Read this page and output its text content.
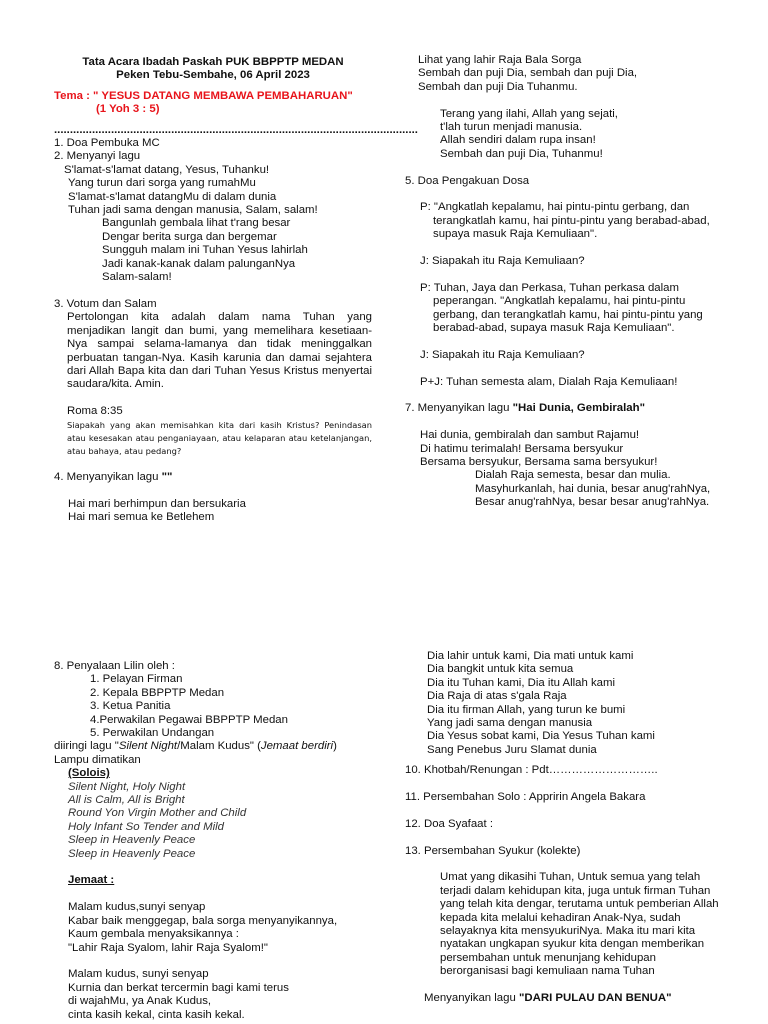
Tata Acara Ibadah Paskah PUK BBPPTP MEDAN
Peken Tebu-Sembahe, 06 April 2023
Tema : " YESUS DATANG MEMBAWA PEMBAHARUAN"
(1 Yoh 3 : 5)
...................................................................................................................
1. Doa Pembuka MC
2. Menyanyi lagu
S'lamat-s'lamat datang, Yesus, Tuhanku!
Yang turun dari sorga yang rumahMu
S'lamat-s'lamat datangMu di dalam dunia
Tuhan jadi sama dengan manusia, Salam, salam!
Bangunlah gembala lihat t'rang besar
Dengar berita surga dan bergemar
Sungguh malam ini Tuhan Yesus lahirlah
Jadi kanak-kanak dalam palunganNya
Salam-salam!
3. Votum dan Salam
Pertolongan kita adalah dalam nama Tuhan yang menjadikan langit dan bumi, yang memelihara kesetiaan-Nya sampai selama-lamanya dan tidak meninggalkan perbuatan tangan-Nya. Kasih karunia dan damai sejahtera dari Allah Bapa kita dan dari Tuhan Yesus Kristus menyertai saudara/kita. Amin.
Roma 8:35
Siapakah yang akan memisahkan kita dari kasih Kristus? Penindasan atau kesesakan atau penganiayaan, atau kelaparan atau ketelanjangan, atau bahaya, atau pedang?
4. Menyanyikan lagu ""
Hai mari berhimpun dan bersukaria
Hai mari semua ke Betlehem
Lihat yang lahir Raja Bala Sorga
Sembah dan puji Dia, sembah dan puji Dia,
Sembah dan puji Dia Tuhanmu.
Terang yang ilahi, Allah yang sejati,
t'lah turun menjadi manusia.
Allah sendiri dalam rupa insan!
Sembah dan puji Dia, Tuhanmu!
5. Doa Pengakuan Dosa
P: "Angkatlah kepalamu, hai pintu-pintu gerbang, dan terangkatlah kamu, hai pintu-pintu yang berabad-abad, supaya masuk Raja Kemuliaan".
J: Siapakah itu Raja Kemuliaan?
P: Tuhan, Jaya dan Perkasa, Tuhan perkasa dalam peperangan. "Angkatlah kepalamu, hai pintu-pintu gerbang, dan terangkatlah kamu, hai pintu-pintu yang berabad-abad, supaya masuk Raja Kemuliaan".
J: Siapakah itu Raja Kemuliaan?
P+J: Tuhan semesta alam, Dialah Raja Kemuliaan!
7. Menyanyikan lagu "Hai Dunia, Gembiralah"
Hai dunia, gembiralah dan sambut Rajamu!
Di hatimu terimalah! Bersama bersyukur
Bersama bersyukur, Bersama sama bersyukur!
Dialah Raja semesta, besar dan mulia.
Masyhurkanlah, hai dunia, besar anug'rahNya,
Besar anug'rahNya, besar besar anug'rahNya.
8. Penyalaan Lilin oleh :
1. Pelayan Firman
2. Kepala BBPPTP Medan
3. Ketua Panitia
4.Perwakilan Pegawai BBPPTP Medan
5. Perwakilan Undangan
diiringi lagu "Silent Night/Malam Kudus" (Jemaat berdiri)
Lampu dimatikan
(Solois)
Silent Night, Holy Night
All is Calm, All is Bright
Round Yon Virgin Mother and Child
Holy Infant So Tender and Mild
Sleep in Heavenly Peace
Sleep in Heavenly Peace
Jemaat :
Malam kudus,sunyi senyap
Kabar baik menggegap, bala sorga menyanyikannya,
Kaum gembala menyaksikannya :
"Lahir Raja Syalom, lahir Raja Syalom!"
Malam kudus, sunyi senyap
Kurnia dan berkat tercermin bagi kami terus
di wajahMu, ya Anak Kudus,
cinta kasih kekal, cinta kasih kekal.
Dia lahir untuk kami, Dia mati untuk kami
Dia bangkit untuk kita semua
Dia itu Tuhan kami, Dia itu Allah kami
Dia Raja di atas s'gala Raja
Dia itu firman Allah, yang turun ke bumi
Yang jadi sama dengan manusia
Dia Yesus sobat kami, Dia Yesus Tuhan kami
Sang Penebus Juru Slamat dunia
10. Khotbah/Renungan : Pdt………………………..
11. Persembahan Solo : Appririn Angela Bakara
12. Doa Syafaat :
13. Persembahan Syukur (kolekte)
Umat yang dikasihi Tuhan, Untuk semua yang telah terjadi dalam kehidupan kita, juga untuk firman Tuhan yang telah kita dengar, terutama untuk pemberian Allah kepada kita melalui kehadiran Anak-Nya, sudah selayaknya kita mensyukuriNya. Maka itu mari kita nyatakan ungkapan syukur kita dengan memberikan persembahan untuk menunjang kehidupan berorganisasi bagi kemuliaan nama Tuhan
Menyanyikan lagu "DARI PULAU DAN BENUA"
